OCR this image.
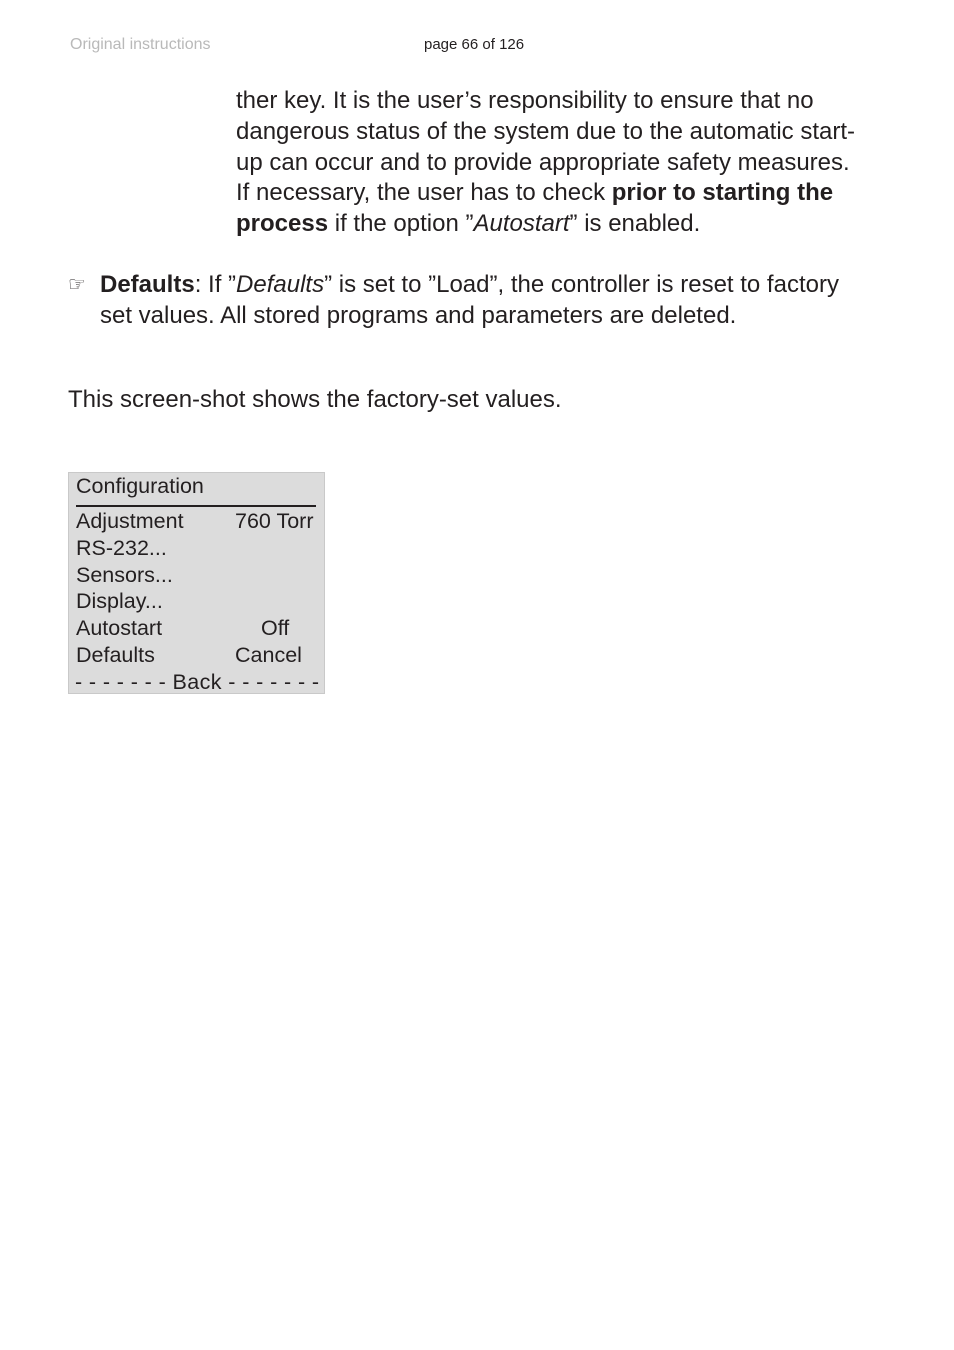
Original instructions	page 66 of 126
ther key. It is the user’s responsibility to ensure that no
dangerous status of the system due to the automatic start-
up can occur and to provide appropriate safety measures.
If necessary, the user has to check prior to starting the
process if the option ”Autostart” is enabled.
☞ Defaults: If ”Defaults” is set to ”Load”, the controller is reset to factory
set values. All stored programs and parameters are deleted.
This screen-shot shows the factory-set values.
Configuration
Adjustment 760 Torr
RS-232...
Sensors...
Display...
Autostart	Off
Defaults	Cancel
- - - - - - - Back - - - - - - -
